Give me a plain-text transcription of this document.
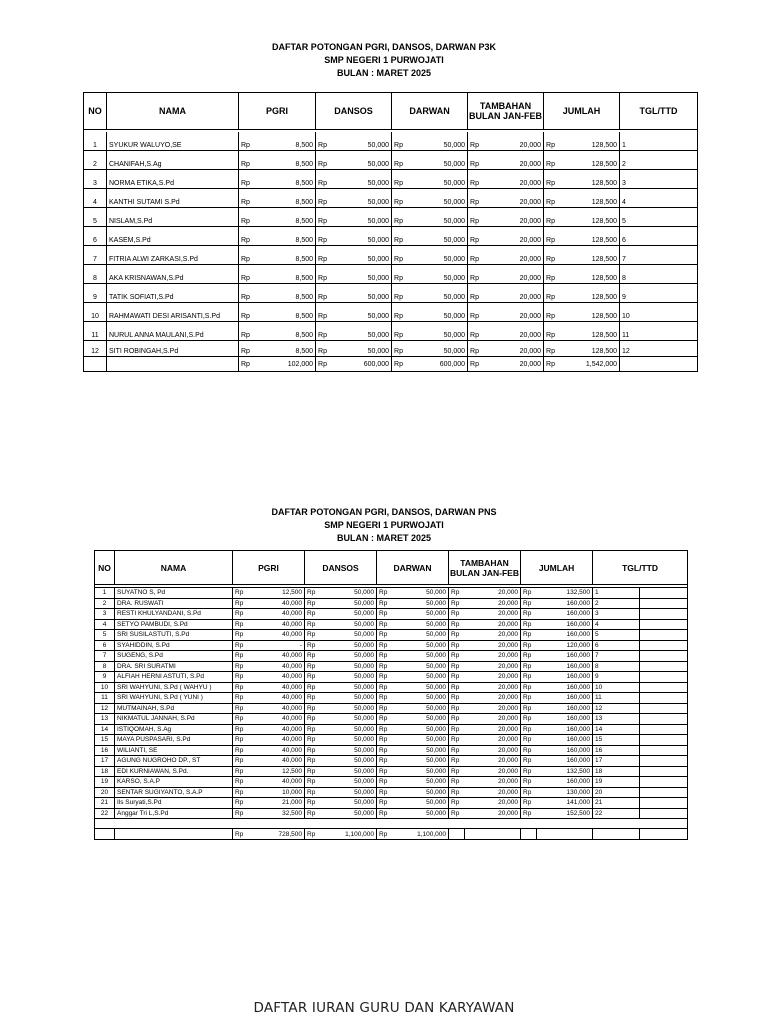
DAFTAR POTONGAN PGRI, DANSOS, DARWAN P3K
SMP NEGERI 1 PURWOJATI
BULAN : MARET 2025
NO	NAMA	PGRI		DANSOS		DARWAN		TAMBAHAN
BULAN JAN-FEB		JUMLAH		TGL/TTD

1	SYUKUR WALUYO,SE	Rp	8,500	Rp	50,000	Rp	50,000	Rp	20,000	Rp	128,500	1
2	CHANIFAH,S.Ag	Rp	8,500	Rp	50,000	Rp	50,000	Rp	20,000	Rp	128,500	2
3	NORMA ETIKA,S.Pd	Rp	8,500	Rp	50,000	Rp	50,000	Rp	20,000	Rp	128,500	3
4	KANTHI SUTAMI S.Pd	Rp	8,500	Rp	50,000	Rp	50,000	Rp	20,000	Rp	128,500	4
5	NISLAM,S.Pd	Rp	8,500	Rp	50,000	Rp	50,000	Rp	20,000	Rp	128,500	5
6	KASEM,S.Pd	Rp	8,500	Rp	50,000	Rp	50,000	Rp	20,000	Rp	128,500	6
7	FITRIA ALWI ZARKASI,S.Pd	Rp	8,500	Rp	50,000	Rp	50,000	Rp	20,000	Rp	128,500	7
8	AKA KRISNAWAN,S.Pd	Rp	8,500	Rp	50,000	Rp	50,000	Rp	20,000	Rp	128,500	8
9	TATIK SOFIATI,S.Pd	Rp	8,500	Rp	50,000	Rp	50,000	Rp	20,000	Rp	128,500	9
10	RAHMAWATI DESI ARISANTI,S.Pd	Rp	8,500	Rp	50,000	Rp	50,000	Rp	20,000	Rp	128,500	10
11	NURUL ANNA MAULANI,S.Pd	Rp	8,500	Rp	50,000	Rp	50,000	Rp	20,000	Rp	128,500	11
12	SITI ROBINGAH,S.Pd	Rp	8,500	Rp	50,000	Rp	50,000	Rp	20,000	Rp	128,500	12
		Rp	102,000	Rp	600,000	Rp	600,000	Rp	20,000	Rp	1,542,000	
DAFTAR POTONGAN PGRI, DANSOS, DARWAN PNS
SMP NEGERI 1 PURWOJATI
BULAN : MARET 2025
NO	NAMA	PGRI		DANSOS		DARWAN		TAMBAHAN
BULAN JAN-FEB		JUMLAH		TGL/TTD	

1	SUYATNO S, Pd	Rp	12,500	Rp	50,000	Rp	50,000	Rp	20,000	Rp	132,500	1	
2	DRA. RUSWATI	Rp	40,000	Rp	50,000	Rp	50,000	Rp	20,000	Rp	160,000	2	
3	RESTI KHULYANDANI, S.Pd	Rp	40,000	Rp	50,000	Rp	50,000	Rp	20,000	Rp	160,000	3	
4	SETYO PAMBUDI, S.Pd	Rp	40,000	Rp	50,000	Rp	50,000	Rp	20,000	Rp	160,000	4	
5	SRI SUSILASTUTI, S.Pd	Rp	40,000	Rp	50,000	Rp	50,000	Rp	20,000	Rp	160,000	5	
6	SYAHIDDIN, S.Pd	Rp	-	Rp	50,000	Rp	50,000	Rp	20,000	Rp	120,000	6	
7	SUGENG, S.Pd	Rp	40,000	Rp	50,000	Rp	50,000	Rp	20,000	Rp	160,000	7	
8	DRA. SRI SURATMI	Rp	40,000	Rp	50,000	Rp	50,000	Rp	20,000	Rp	160,000	8	
9	ALFIAH HERNI ASTUTI, S.Pd	Rp	40,000	Rp	50,000	Rp	50,000	Rp	20,000	Rp	160,000	9	
10	SRI WAHYUNI, S.Pd ( WAHYU )	Rp	40,000	Rp	50,000	Rp	50,000	Rp	20,000	Rp	160,000	10	
11	SRI WAHYUNI, S.Pd ( YUNI )	Rp	40,000	Rp	50,000	Rp	50,000	Rp	20,000	Rp	160,000	11	
12	MUTMAINAH, S.Pd	Rp	40,000	Rp	50,000	Rp	50,000	Rp	20,000	Rp	160,000	12	
13	NIKMATUL JANNAH, S.Pd	Rp	40,000	Rp	50,000	Rp	50,000	Rp	20,000	Rp	160,000	13	
14	ISTIQOMAH, S.Ag	Rp	40,000	Rp	50,000	Rp	50,000	Rp	20,000	Rp	160,000	14	
15	MAYA PUSPASARI, S.Pd	Rp	40,000	Rp	50,000	Rp	50,000	Rp	20,000	Rp	160,000	15	
16	WILIANTI, SE	Rp	40,000	Rp	50,000	Rp	50,000	Rp	20,000	Rp	160,000	16	
17	AGUNG NUGROHO DP., ST	Rp	40,000	Rp	50,000	Rp	50,000	Rp	20,000	Rp	160,000	17	
18	EDI KURNIAWAN, S.Pd.	Rp	12,500	Rp	50,000	Rp	50,000	Rp	20,000	Rp	132,500	18	
19	KARSO, S.A.P	Rp	40,000	Rp	50,000	Rp	50,000	Rp	20,000	Rp	160,000	19	
20	SENTAR SUGIYANTO, S.A.P	Rp	10,000	Rp	50,000	Rp	50,000	Rp	20,000	Rp	130,000	20	
21	Ils Suryati,S.Pd	Rp	21,000	Rp	50,000	Rp	50,000	Rp	20,000	Rp	141,000	21	
22	Anggar Tri L,S.Pd	Rp	32,500	Rp	50,000	Rp	50,000	Rp	20,000	Rp	152,500	22	

		Rp	728,500	Rp	1,100,000	Rp	1,100,000						
DAFTAR IURAN GURU DAN KARYAWAN
